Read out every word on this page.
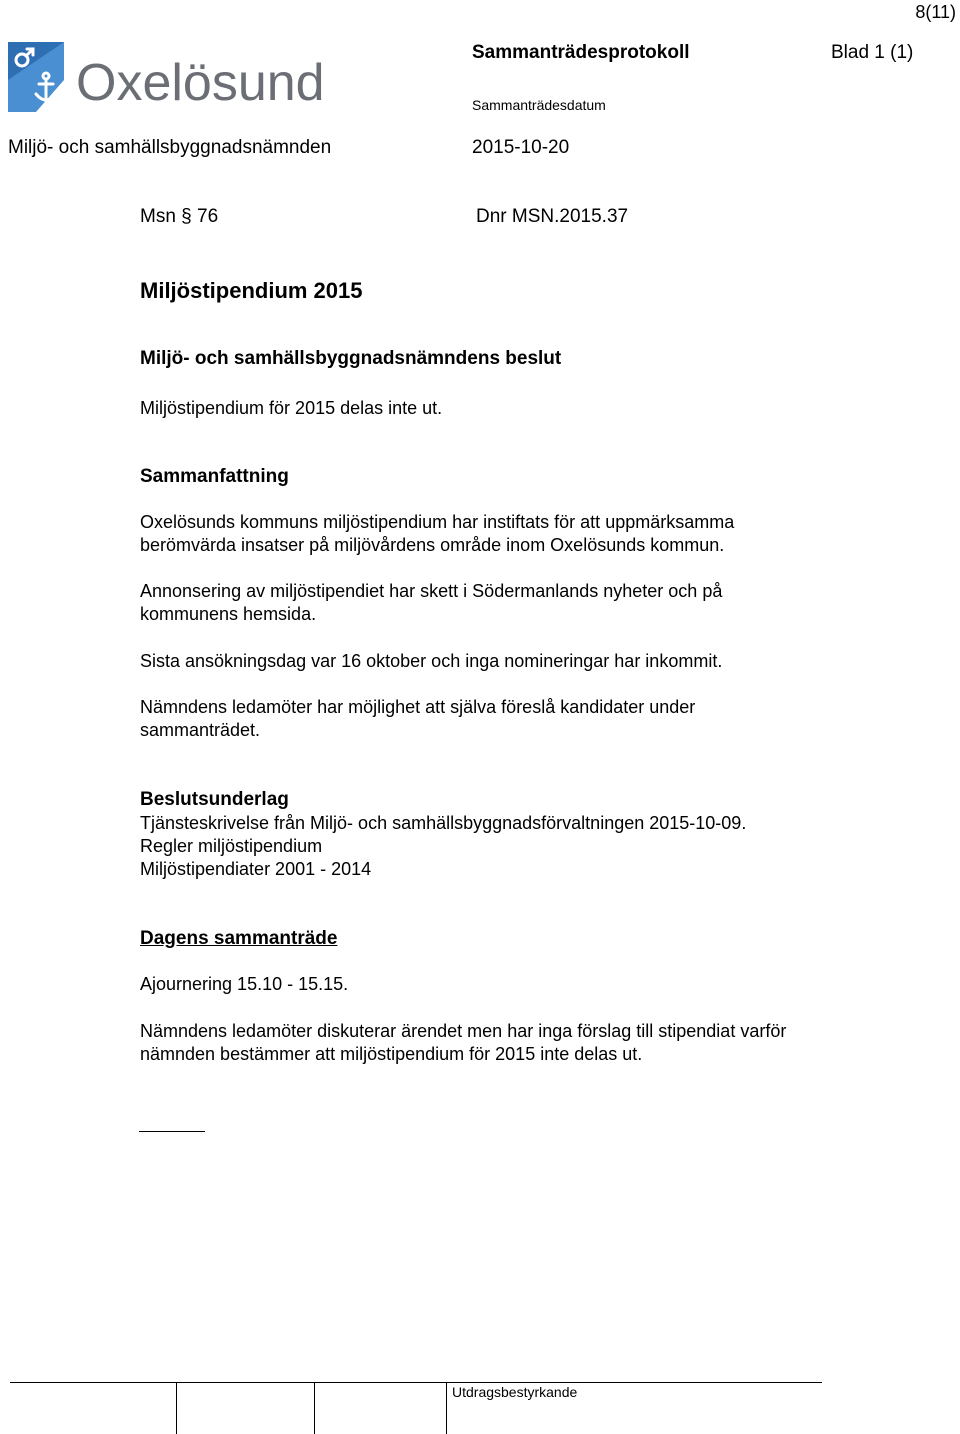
8(11)
Oxelösund
Sammanträdesprotokoll	Blad 1 (1)
Sammanträdesdatum
Miljö- och samhällsbyggnadsnämnden	2015-10-20
Msn § 76	Dnr MSN.2015.37
Miljöstipendium 2015
Miljö- och samhällsbyggnadsnämndens beslut
Miljöstipendium för 2015 delas inte ut.
Sammanfattning

Oxelösunds kommuns miljöstipendium har instiftats för att uppmärksamma

berömvärda insatser på miljövårdens område inom Oxelösunds kommun.

Annonsering av miljöstipendiet har skett i Södermanlands nyheter och på

kommunens hemsida.

Sista ansökningsdag var 16 oktober och inga nomineringar har inkommit.

Nämndens ledamöter har möjlighet att själva föreslå kandidater under

sammanträdet.

Beslutsunderlag

Tjänsteskrivelse från Miljö- och samhällsbyggnadsförvaltningen 2015-10-09.

Regler miljöstipendium

Miljöstipendiater 2001 - 2014

Dagens sammanträde
Ajournering 15.10 - 15.15.

Nämndens ledamöter diskuterar ärendet men har inga förslag till stipendiat varför

nämnden bestämmer att miljöstipendium för 2015 inte delas ut.

Utdragsbestyrkande
